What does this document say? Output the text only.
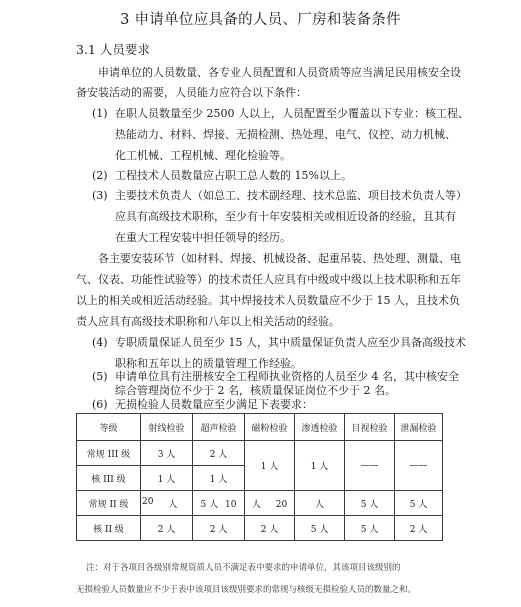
3 申请单位应具备的人员、厂房和装备条件
3.1 人员要求
申请单位的人员数量、各专业人员配置和人员资质等应当满足民用核安全设
备安装活动的需要，人员能力应符合以下条件：
(1) 在职人员数量至少 2500 人以上，人员配置至少覆盖以下专业：核工程、
热能动力、材料、焊接、无损检测、热处理、电气、仪控、动力机械、
化工机械、工程机械、理化检验等。
(2) 工程技术人员数量应占职工总人数的 15%以上。
(3) 主要技术负责人（如总工、技术副经理、技术总监、项目技术负责人等）
应具有高级技术职称，至少有十年安装相关或相近设备的经验，且其有
在重大工程安装中担任领导的经历。
各主要安装环节（如材料、焊接、机械设备、起重吊装、热处理、测量、电
气、仪表、功能性试验等）的技术责任人应具有中级或中级以上技术职称和五年
以上的相关或相近活动经验。其中焊接技术人员数量应不少于 15 人，且技术负
责人应具有高级技术职称和八年以上相关活动的经验。
(4) 专职质量保证人员至少 15 人，其中质量保证负责人应至少具备高级技术
职称和五年以上的质量管理工作经验。
(5) 申请单位具有注册核安全工程师执业资格的人员至少 4 名，其中核安全
综合管理岗位不少于 2 名，核质量保证岗位不少于 2 名。
(6) 无损检验人员数量应至少满足下表要求：
等级	射线检验	超声检验	磁粉检验	渗透检验	目视检验	泄漏检验
常规 III 级	3 人	2 人	1 人	1 人	——	——
核 III 级	1 人	1 人				
常规 II 级	20 人	5 人 10	人 20	人	5 人	5 人
核 II 级	2 人	2 人	2 人	5 人	5 人	2 人
注：对于各项目各级别常规资质人员不满足表中要求的申请单位，其该项目该级别的
无损检验人员数量应不少于表中该项目该级别要求的常规与核级无损检验人员的数量之和。
